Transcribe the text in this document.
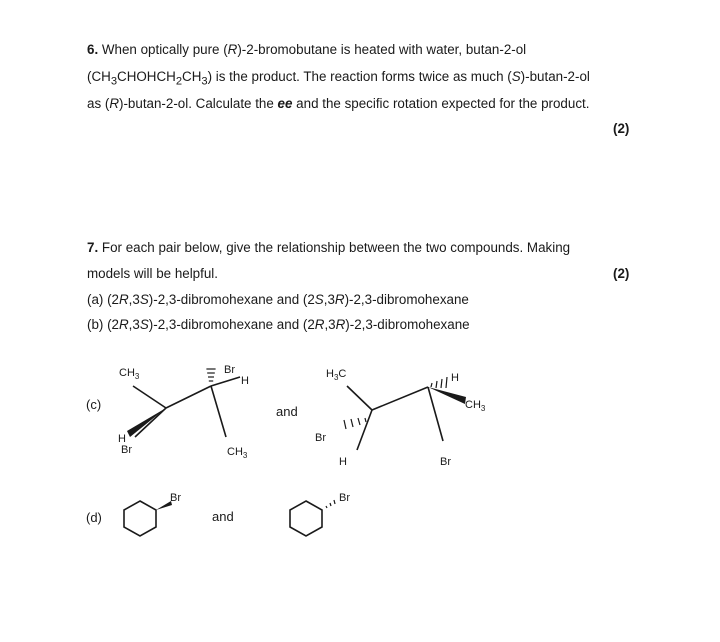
6. When optically pure (R)-2-bromobutane is heated with water, butan-2-ol

$(CH_3CHOHCH_2CH_3)$ is the product. The reaction forms twice as much (S)-butan-2-ol

as (R)-butan-2-ol. Calculate the ee and the specific rotation expected for the product.

(2)

7. For each pair below, give the relationship between the two compounds. Making

models will be helpful.	(2)

(a) (2R,3S)-2,3-dibromohexane and (2S,3R)-2,3-dibromohexane

(b) (2R,3S)-2,3-dibromohexane and (2R,3R)-2,3-dibromohexane

(c)
$CH_3$
Br
H
H
Br	$CH_3$
and
$H_3C$	H
$CH_3$
Br
H	Br
(d)
Br
and
Br
